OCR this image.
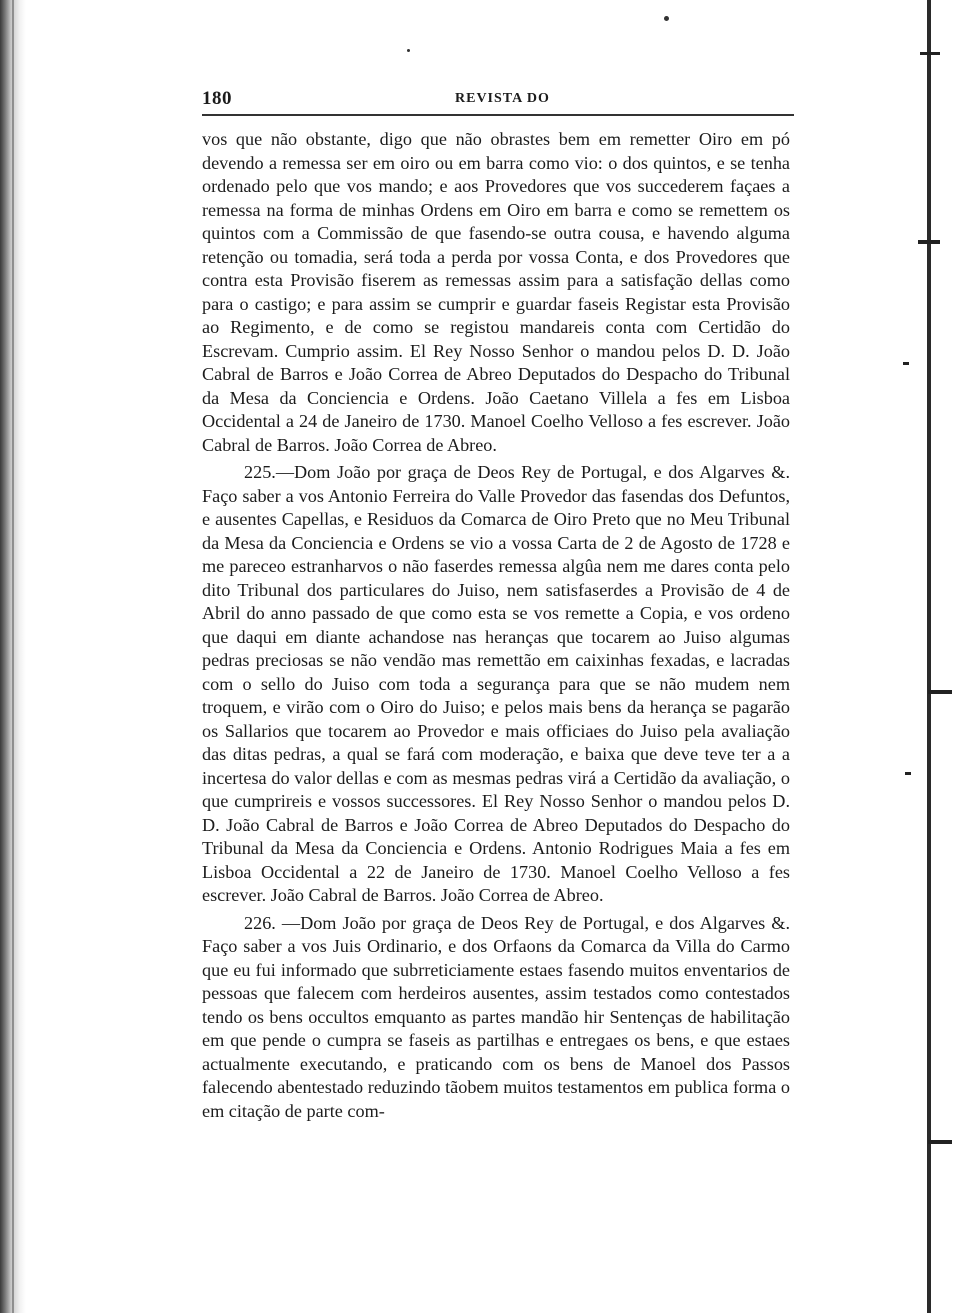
180	REVISTA DO

vos que não obstante, digo que não obrastes bem em remetter Oiro em pó devendo a remessa ser em oiro ou em barra como vio: o dos quintos, e se tenha ordenado pelo que vos mando; e aos Provedores que vos succederem façaes a remessa na forma de minhas Ordens em Oiro em barra e como se remettem os quintos com a Commissão de que fasendo-se outra cousa, e havendo alguma retenção ou tomadia, será toda a perda por vossa Conta, e dos Provedores que contra esta Provisão fiserem as remessas assim para a satisfação dellas como para o castigo; e para assim se cumprir e guardar faseis Registar esta Provisão ao Regimento, e de como se registou mandareis conta com Certidão do Escrevam. Cumprio assim. El Rey Nosso Senhor o mandou pelos D. D. João Cabral de Barros e João Correa de Abreo Deputados do Despacho do Tribunal da Mesa da Conciencia e Ordens. João Caetano Villela a fes em Lisboa Occidental a 24 de Janeiro de 1730. Manoel Coelho Velloso a fes escrever. João Cabral de Barros. João Correa de Abreo.

225.—Dom João por graça de Deos Rey de Portugal, e dos Algarves &. Faço saber a vos Antonio Ferreira do Valle Provedor das fasendas dos Defuntos, e ausentes Capellas, e Residuos da Comarca de Oiro Preto que no Meu Tribunal da Mesa da Conciencia e Ordens se vio a vossa Carta de 2 de Agosto de 1728 e me pareceo estranharvos o não faserdes remessa algûa nem me dares conta pelo dito Tribunal dos particulares do Juiso, nem satisfaserdes a Provisão de 4 de Abril do anno passado de que como esta se vos remette a Copia, e vos ordeno que daqui em diante achandose nas heranças que tocarem ao Juiso algumas pedras preciosas se não vendão mas remettão em caixinhas fexadas, e lacradas com o sello do Juiso com toda a segurança para que se não mudem nem troquem, e virão com o Oiro do Juiso; e pelos mais bens da herança se pagarão os Sallarios que tocarem ao Provedor e mais officiaes do Juiso pela avaliação das ditas pedras, a qual se fará com moderação, e baixa que deve teve ter a a incertesa do valor dellas e com as mesmas pedras virá a Certidão da avaliação, o que cumprireis e vossos successores. El Rey Nosso Senhor o mandou pelos D. D. João Cabral de Barros e João Correa de Abreo Deputados do Despacho do Tribunal da Mesa da Conciencia e Ordens. Antonio Rodrigues Maia a fes em Lisboa Occidental a 22 de Janeiro de 1730. Manoel Coelho Velloso a fes escrever. João Cabral de Barros. João Correa de Abreo.

226. —Dom João por graça de Deos Rey de Portugal, e dos Algarves &. Faço saber a vos Juis Ordinario, e dos Orfaons da Comarca da Villa do Carmo que eu fui informado que subrreticiamente estaes fasendo muitos enventarios de pessoas que falecem com herdeiros ausentes, assim testados como contestados tendo os bens occultos emquanto as partes mandão hir Sentenças de habilitação em que pende o cumpra se faseis as partilhas e entregaes os bens, e que estaes actualmente executando, e praticando com os bens de Manoel dos Passos falecendo abentestado reduzindo tãobem muitos testamentos em publica forma o em citação de parte com-
